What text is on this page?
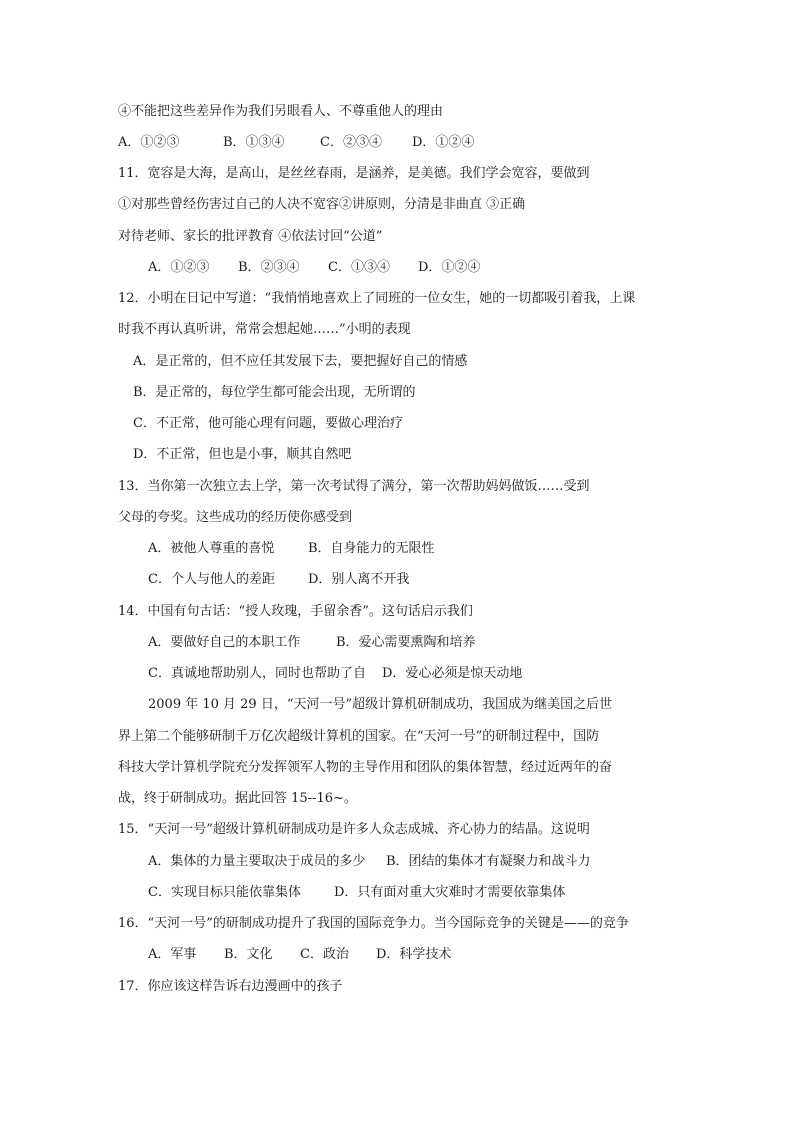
④不能把这些差异作为我们另眼看人、不尊重他人的理由
A．①②③	B．①③④	C．②③④ D．①②④
11．宽容是大海，是高山，是丝丝春雨，是涵养，是美德。我们学会宽容，要做到
①对那些曾经伤害过自己的人决不宽容②讲原则，分清是非曲直 ③正确
对待老师、家长的批评教育 ④依法讨回“公道”
A．①②③ B．②③④ C．①③④ D．①②④
12．小明在日记中写道：“我悄悄地喜欢上了同班的一位女生，她的一切都吸引着我，上课
时我不再认真听讲，常常会想起她……”小明的表现
A．是正常的，但不应任其发展下去，要把握好自己的情感
B．是正常的，每位学生都可能会出现，无所谓的
C．不正常，他可能心理有问题，要做心理治疗
D．不正常，但也是小事，顺其自然吧
13．当你第一次独立去上学，第一次考试得了满分，第一次帮助妈妈做饭……受到
父母的夸奖。这些成功的经历使你感受到
A．被他人尊重的喜悦	B．自身能力的无限性
C．个人与他人的差距	D．别人离不开我
14．中国有句古话：“授人玫瑰，手留余香”。这句话启示我们
A．要做好自己的本职工作	B．爱心需要熏陶和培养
C．真诚地帮助别人，同时也帮助了自 D．爱心必须是惊天动地
2009 年 10 月 29 日，“天河一号”超级计算机研制成功，我国成为继美国之后世
界上第二个能够研制千万亿次超级计算机的国家。在“天河一号”的研制过程中，国防
科技大学计算机学院充分发挥领军人物的主导作用和团队的集体智慧，经过近两年的奋
战，终于研制成功。据此回答 15--16~。
15．“天河一号”超级计算机研制成功是许多人众志成城、齐心协力的结晶。这说明
A．集体的力量主要取决于成员的多少 B．团结的集体才有凝聚力和战斗力
C．实现目标只能依靠集体	D．只有面对重大灾难时才需要依靠集体
16．“天河一号”的研制成功提升了我国的国际竞争力。当今国际竞争的关键是——的竞争
A．军事 B．文化 C．政治 D．科学技术
17．你应该这样告诉右边漫画中的孩子
